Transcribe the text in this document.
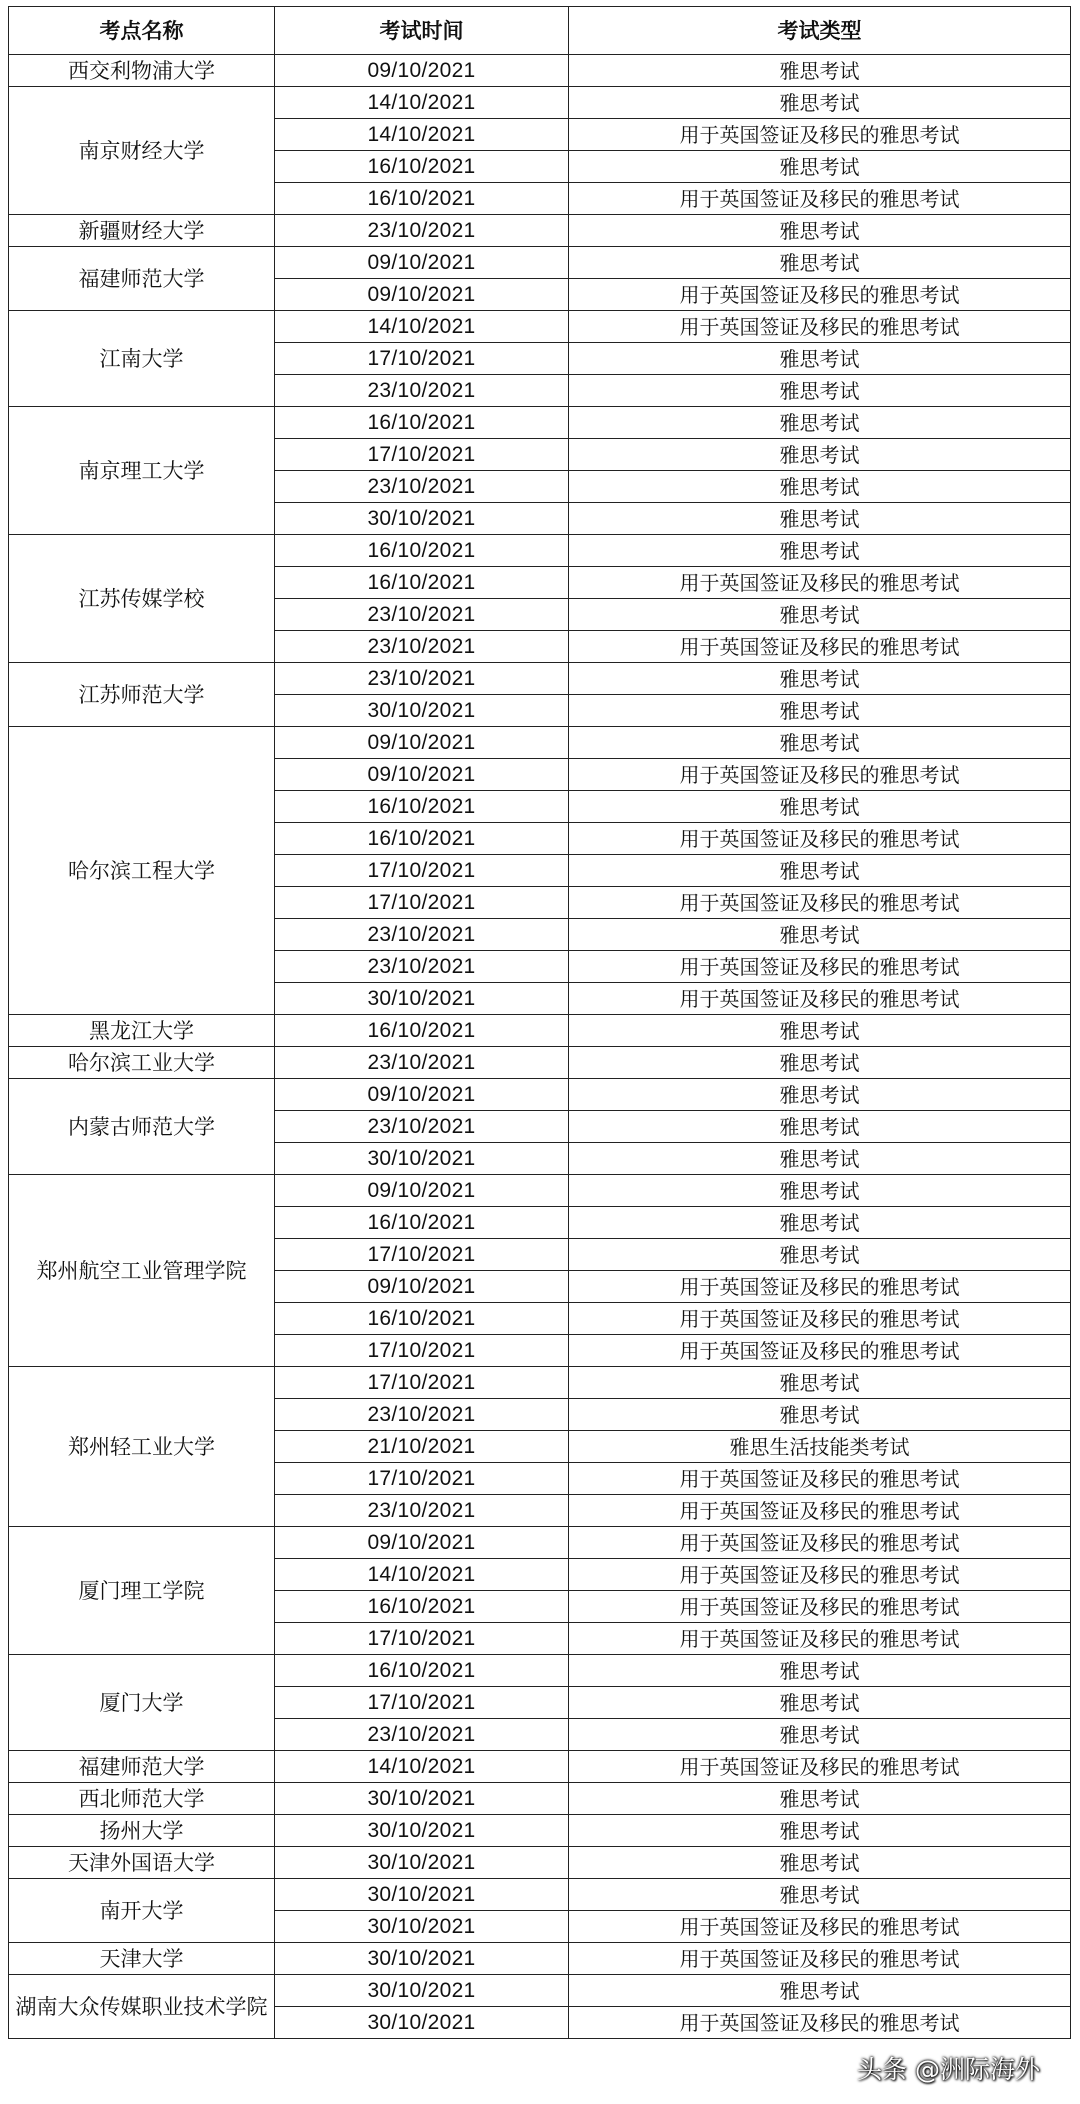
考点名称	考试时间	考试类型
西交利物浦大学	09/10/2021	雅思考试
南京财经大学	14/10/2021	雅思考试
	14/10/2021	用于英国签证及移民的雅思考试
	16/10/2021	雅思考试
	16/10/2021	用于英国签证及移民的雅思考试
新疆财经大学	23/10/2021	雅思考试
福建师范大学	09/10/2021	雅思考试
	09/10/2021	用于英国签证及移民的雅思考试
江南大学	14/10/2021	用于英国签证及移民的雅思考试
	17/10/2021	雅思考试
	23/10/2021	雅思考试
南京理工大学	16/10/2021	雅思考试
	17/10/2021	雅思考试
	23/10/2021	雅思考试
	30/10/2021	雅思考试
江苏传媒学校	16/10/2021	雅思考试
	16/10/2021	用于英国签证及移民的雅思考试
	23/10/2021	雅思考试
	23/10/2021	用于英国签证及移民的雅思考试
江苏师范大学	23/10/2021	雅思考试
	30/10/2021	雅思考试
哈尔滨工程大学	09/10/2021	雅思考试
	09/10/2021	用于英国签证及移民的雅思考试
	16/10/2021	雅思考试
	16/10/2021	用于英国签证及移民的雅思考试
	17/10/2021	雅思考试
	17/10/2021	用于英国签证及移民的雅思考试
	23/10/2021	雅思考试
	23/10/2021	用于英国签证及移民的雅思考试
	30/10/2021	用于英国签证及移民的雅思考试
黑龙江大学	16/10/2021	雅思考试
哈尔滨工业大学	23/10/2021	雅思考试
内蒙古师范大学	09/10/2021	雅思考试
	23/10/2021	雅思考试
	30/10/2021	雅思考试
郑州航空工业管理学院	09/10/2021	雅思考试
	16/10/2021	雅思考试
	17/10/2021	雅思考试
	09/10/2021	用于英国签证及移民的雅思考试
	16/10/2021	用于英国签证及移民的雅思考试
	17/10/2021	用于英国签证及移民的雅思考试
郑州轻工业大学	17/10/2021	雅思考试
	23/10/2021	雅思考试
	21/10/2021	雅思生活技能类考试
	17/10/2021	用于英国签证及移民的雅思考试
	23/10/2021	用于英国签证及移民的雅思考试
厦门理工学院	09/10/2021	用于英国签证及移民的雅思考试
	14/10/2021	用于英国签证及移民的雅思考试
	16/10/2021	用于英国签证及移民的雅思考试
	17/10/2021	用于英国签证及移民的雅思考试
厦门大学	16/10/2021	雅思考试
	17/10/2021	雅思考试
	23/10/2021	雅思考试
福建师范大学	14/10/2021	用于英国签证及移民的雅思考试
西北师范大学	30/10/2021	雅思考试
扬州大学	30/10/2021	雅思考试
天津外国语大学	30/10/2021	雅思考试
南开大学	30/10/2021	雅思考试
	30/10/2021	用于英国签证及移民的雅思考试
天津大学	30/10/2021	用于英国签证及移民的雅思考试
湖南大众传媒职业技术学院	30/10/2021	雅思考试
	30/10/2021	用于英国签证及移民的雅思考试
头条 @洲际海外
